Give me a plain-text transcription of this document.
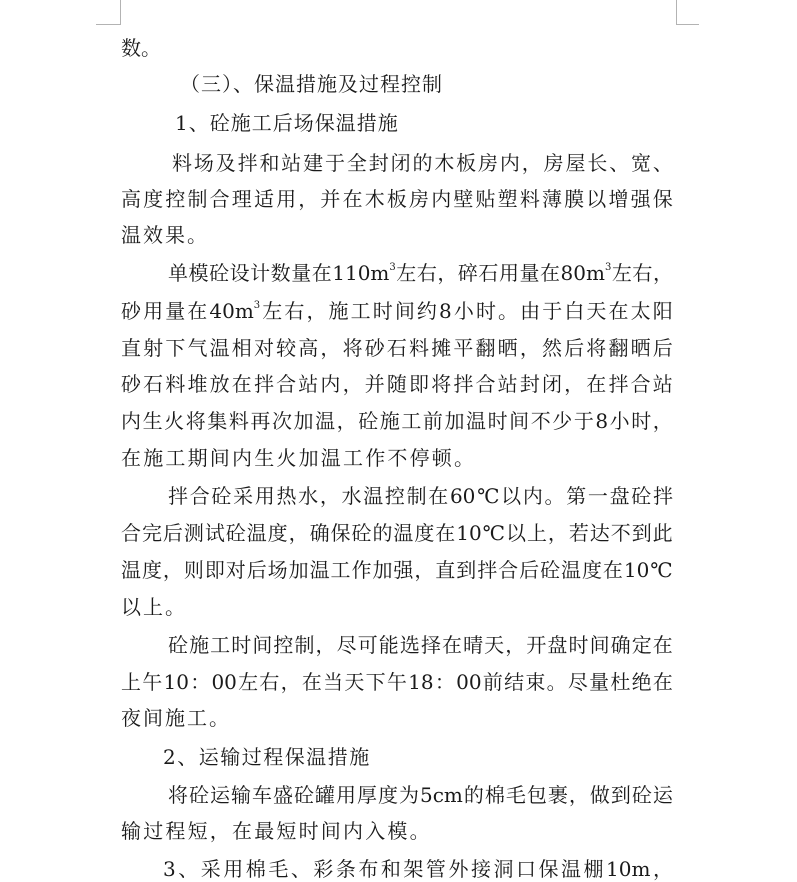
数。
（三）、保温措施及过程控制
1、砼施工后场保温措施
料 场 及 拌 和 站 建 于 全 封 闭 的 木 板 房 内 ， 房 屋 长 、 宽 、
高 度 控 制 合 理 适 用 ， 并 在 木 板 房 内 壁 贴 塑 料 薄 膜 以 增 强 保
温效果。
单 模 砼 设 计 数 量 在 $110m^3$ 左 右 ， 碎 石 用 量 在 $80m^3$ 左 右 ，
砂 用 量 在 $40m^3$ 左 右 ， 施 工 时 间 约 8 小 时 。 由 于 白 天 在 太 阳
直 射 下 气 温 相 对 较 高 ， 将 砂 石 料 摊 平 翻 晒 ， 然 后 将 翻 晒 后
砂 石 料 堆 放 在 拌 合 站 内 ， 并 随 即 将 拌 合 站 封 闭 ， 在 拌 合 站
内 生 火 将 集 料 再 次 加 温 ， 砼 施 工 前 加 温 时 间 不 少 于 8 小 时 ，
在施工期间内生火加温工作不停顿。
拌 合 砼 采 用 热 水 ， 水 温 控 制 在 60 ℃ 以 内 。 第 一 盘 砼 拌
合 完 后 测 试 砼 温 度 ， 确 保 砼 的 温 度 在 10 ℃ 以 上 ， 若 达 不 到 此
温 度 ， 则 即 对 后 场 加 温 工 作 加 强 ， 直 到 拌 合 后 砼 温 度 在 10 ℃
以上。
砼 施 工 时 间 控 制 ， 尽 可 能 选 择 在 晴 天 ， 开 盘 时 间 确 定 在
上 午 10 ： 00 左 右 ， 在 当 天 下 午 18 ： 00 前 结 束 。 尽 量 杜 绝 在
夜间施工。
2、运输过程保温措施
将 砼 运 输 车 盛 砼 罐 用 厚 度 为 5cm 的 棉 毛 包 裹 ， 做 到 砼 运
输过程短，在最短时间内入模。
3 、 采 用 棉 毛 、 彩 条 布 和 架 管 外 接 洞 口 保 温 棚 10m ，
